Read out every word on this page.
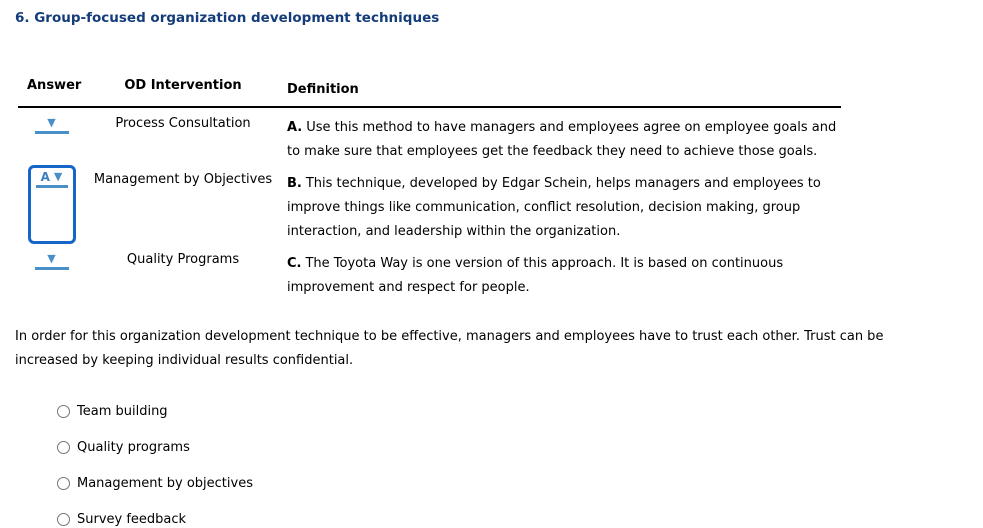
6. Group-focused organization development techniques
Answer	OD Intervention	Definition
▼	Process Consultation	A. Use this method to have managers and employees agree on employee goals and to make sure that employees get the feedback they need to achieve those goals.
A ▼	Management by Objectives	B. This technique, developed by Edgar Schein, helps managers and employees to improve things like communication, conflict resolution, decision making, group interaction, and leadership within the organization.
▼	Quality Programs	C. The Toyota Way is one version of this approach. It is based on continuous improvement and respect for people.
In order for this organization development technique to be effective, managers and employees have to trust each other. Trust can be increased by keeping individual results confidential.
Team building
Quality programs
Management by objectives
Survey feedback
